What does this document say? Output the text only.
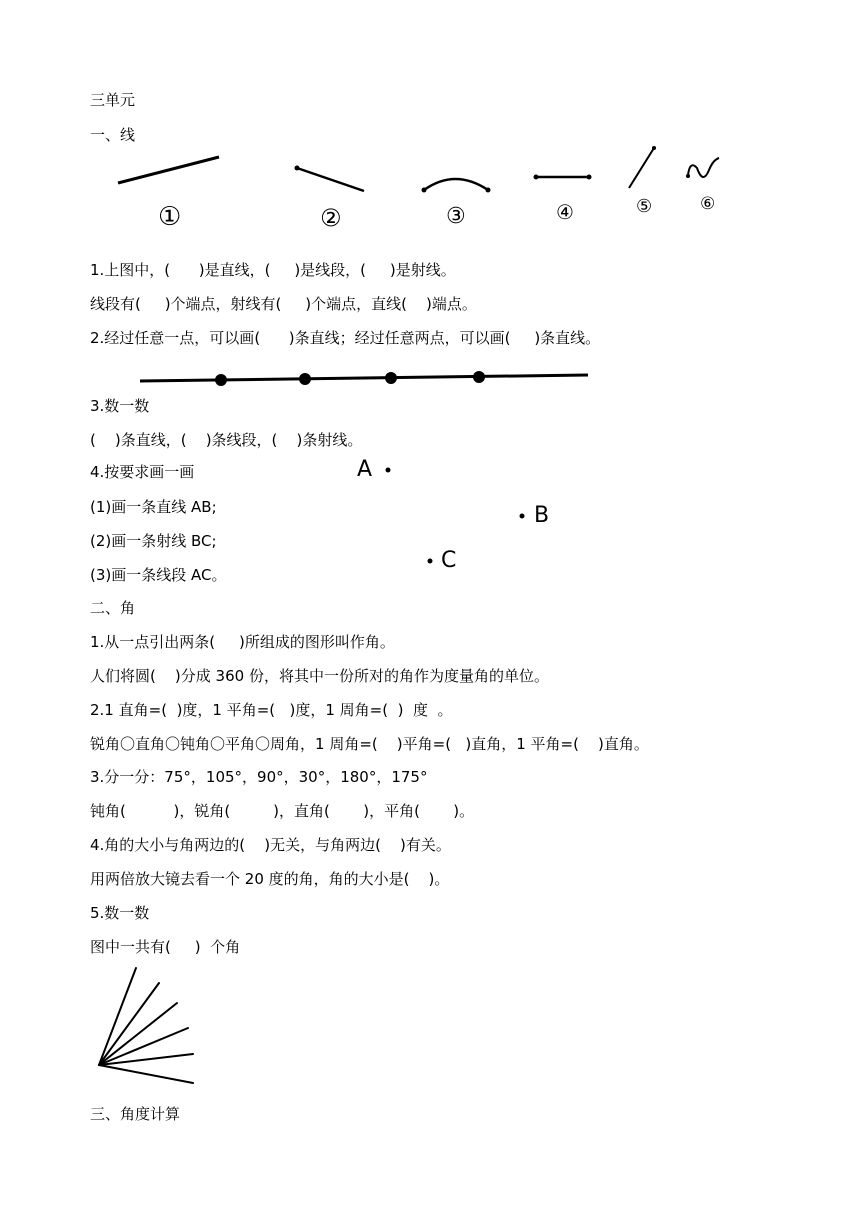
三单元
一、线
①	②	③	④	⑤	⑥
1.上图中，(      )是直线，(     )是线段，(     )是射线。
线段有(     )个端点，射线有(     )个端点，直线(    )端点。
2.经过任意一点，可以画(      )条直线；经过任意两点，可以画(     )条直线。
3.数一数
(    )条直线，(    )条线段，(    )条射线。
4.按要求画一画
(1)画一条直线 AB;
(2)画一条射线 BC;
(3)画一条线段 AC。
A
B
C
二、角
1.从一点引出两条(     )所组成的图形叫作角。
人们将圆(    )分成 360 份，将其中一份所对的角作为度量角的单位。
2.1 直角=(  )度，1 平角=(   )度，1 周角=(  )  度  。
锐角〇直角〇钝角〇平角〇周角，1 周角=(    )平角=(   )直角，1 平角=(    )直角。
3.分一分：75°，105°，90°，30°，180°，175°
钝角(          )，锐角(         )，直角(       )，平角(       )。
4.角的大小与角两边的(    )无关，与角两边(    )有关。
用两倍放大镜去看一个 20 度的角，角的大小是(    )。
5.数一数
图中一共有(     )  个角
三、角度计算
